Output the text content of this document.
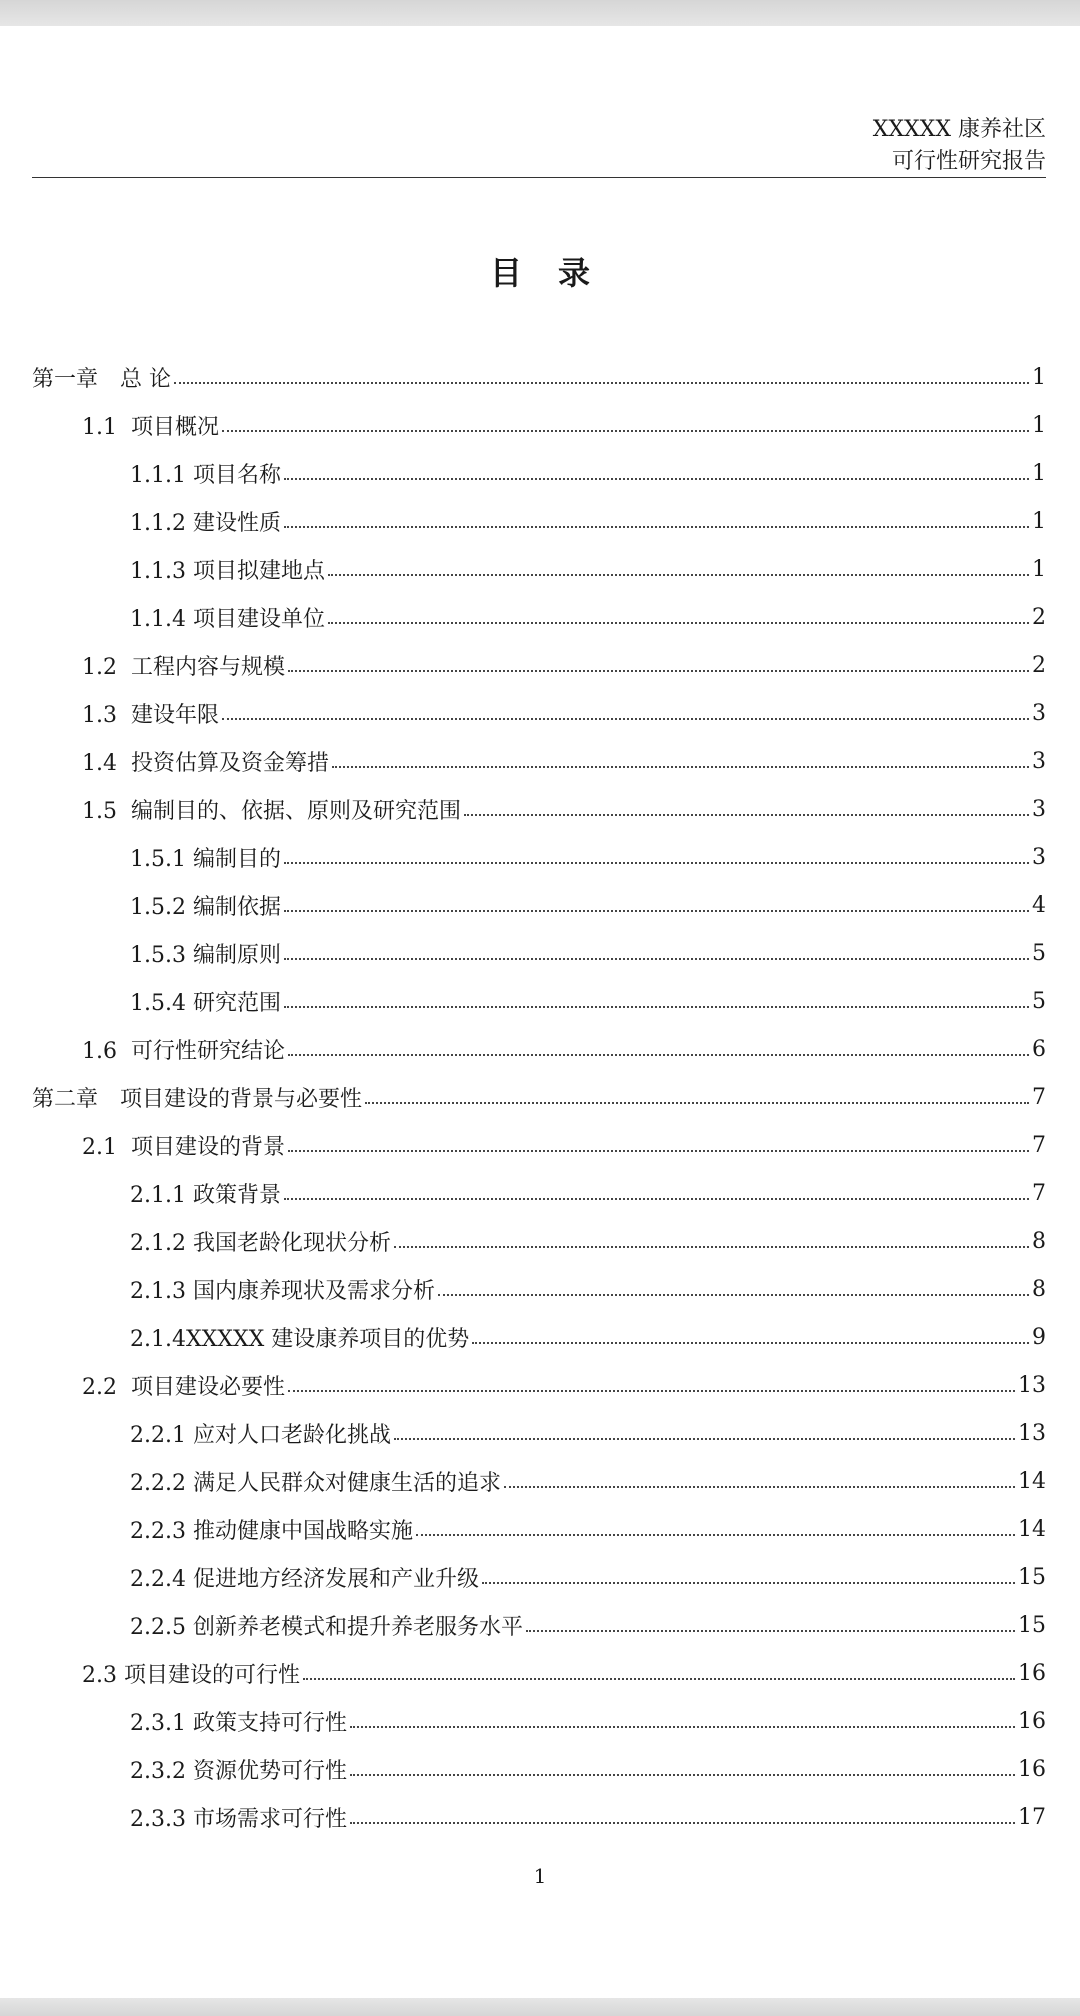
XXXXX 康养社区
可行性研究报告
目录
第一章　总 论	1
1.1  项目概况	1
1.1.1 项目名称	1
1.1.2 建设性质	1
1.1.3 项目拟建地点	1
1.1.4 项目建设单位	2
1.2  工程内容与规模	2
1.3  建设年限	3
1.4  投资估算及资金筹措	3
1.5  编制目的、依据、原则及研究范围	3
1.5.1 编制目的	3
1.5.2 编制依据	4
1.5.3 编制原则	5
1.5.4 研究范围	5
1.6  可行性研究结论	6
第二章　项目建设的背景与必要性	7
2.1  项目建设的背景	7
2.1.1 政策背景	7
2.1.2 我国老龄化现状分析	8
2.1.3 国内康养现状及需求分析	8
2.1.4XXXXX 建设康养项目的优势	9
2.2  项目建设必要性	13
2.2.1 应对人口老龄化挑战	13
2.2.2 满足人民群众对健康生活的追求	14
2.2.3 推动健康中国战略实施	14
2.2.4 促进地方经济发展和产业升级	15
2.2.5 创新养老模式和提升养老服务水平	15
2.3 项目建设的可行性	16
2.3.1 政策支持可行性	16
2.3.2 资源优势可行性	16
2.3.3 市场需求可行性	17
1
